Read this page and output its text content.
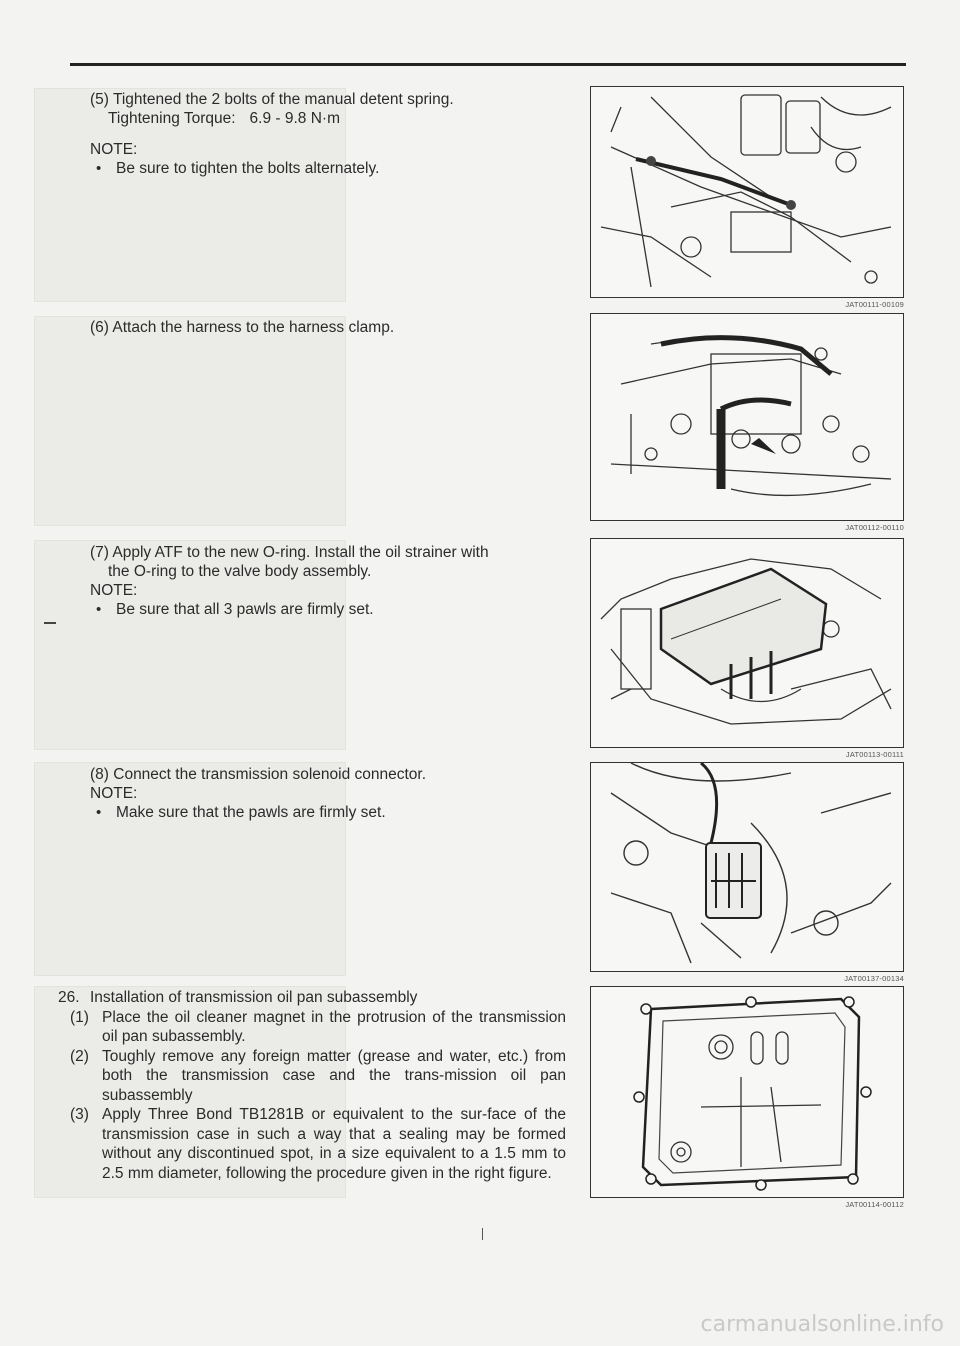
(5) Tightened the 2 bolts of the manual detent spring.
Tightening Torque: 6.9 - 9.8 N·m
NOTE:
• Be sure to tighten the bolts alternately.
JAT00111-00109
(6) Attach the harness to the harness clamp.
JAT00112-00110
(7) Apply ATF to the new O-ring. Install the oil strainer with
the O-ring to the valve body assembly.
NOTE:
• Be sure that all 3 pawls are firmly set.
JAT00113-00111
(8) Connect the transmission solenoid connector.
NOTE:
• Make sure that the pawls are firmly set.
JAT00137-00134
26. Installation of transmission oil pan subassembly
(1) Place the oil cleaner magnet in the protrusion of the transmission oil pan subassembly.
(2) Toughly remove any foreign matter (grease and water, etc.) from both the transmission case and the trans-mission oil pan subassembly
(3) Apply Three Bond TB1281B or equivalent to the sur-face of the transmission case in such a way that a sealing may be formed without any discontinued spot, in a size equivalent to a 1.5 mm to 2.5 mm diameter, following the procedure given in the right figure.
JAT00114-00112
carmanualsonline.info
